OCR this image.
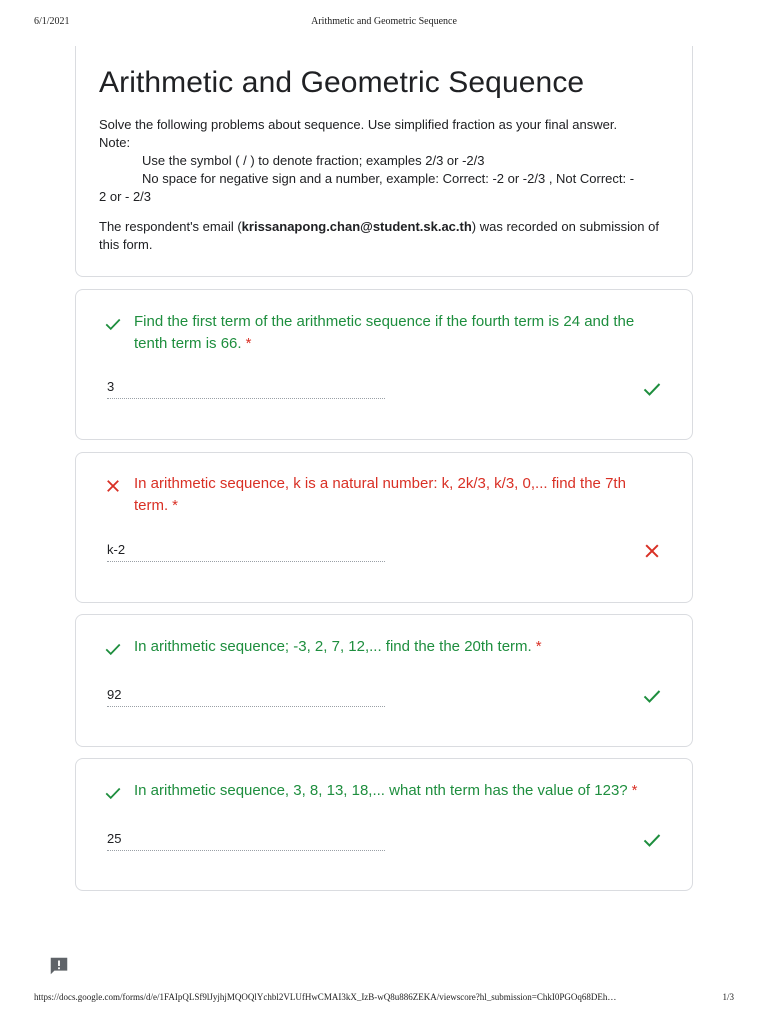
6/1/2021	Arithmetic and Geometric Sequence
Arithmetic and Geometric Sequence

Solve the following problems about sequence. Use simplified fraction as your final answer.

Note:

Use the symbol ( / ) to denote fraction; examples 2/3 or -2/3

No space for negative sign and a number, example: Correct: -2 or -2/3 , Not Correct: -

2 or - 2/3

The respondent's email (krissanapong.chan@student.sk.ac.th) was recorded on submission of this form.
Find the first term of the arithmetic sequence if the fourth term is 24 and the tenth term is 66. *
3
In arithmetic sequence, k is a natural number: k, 2k/3, k/3, 0,... find the 7th term. *
k-2
In arithmetic sequence; -3, 2, 7, 12,... find the the 20th term. *
92
In arithmetic sequence, 3, 8, 13, 18,... what nth term has the value of 123? *
25
https://docs.google.com/forms/d/e/1FAIpQLSf9lJyjhjMQOQlYchbl2VLUfHwCMAI3kX_IzB-wQ8u886ZEKA/viewscore?hl_submission=ChkI0PGOq68DEh…	1/3
